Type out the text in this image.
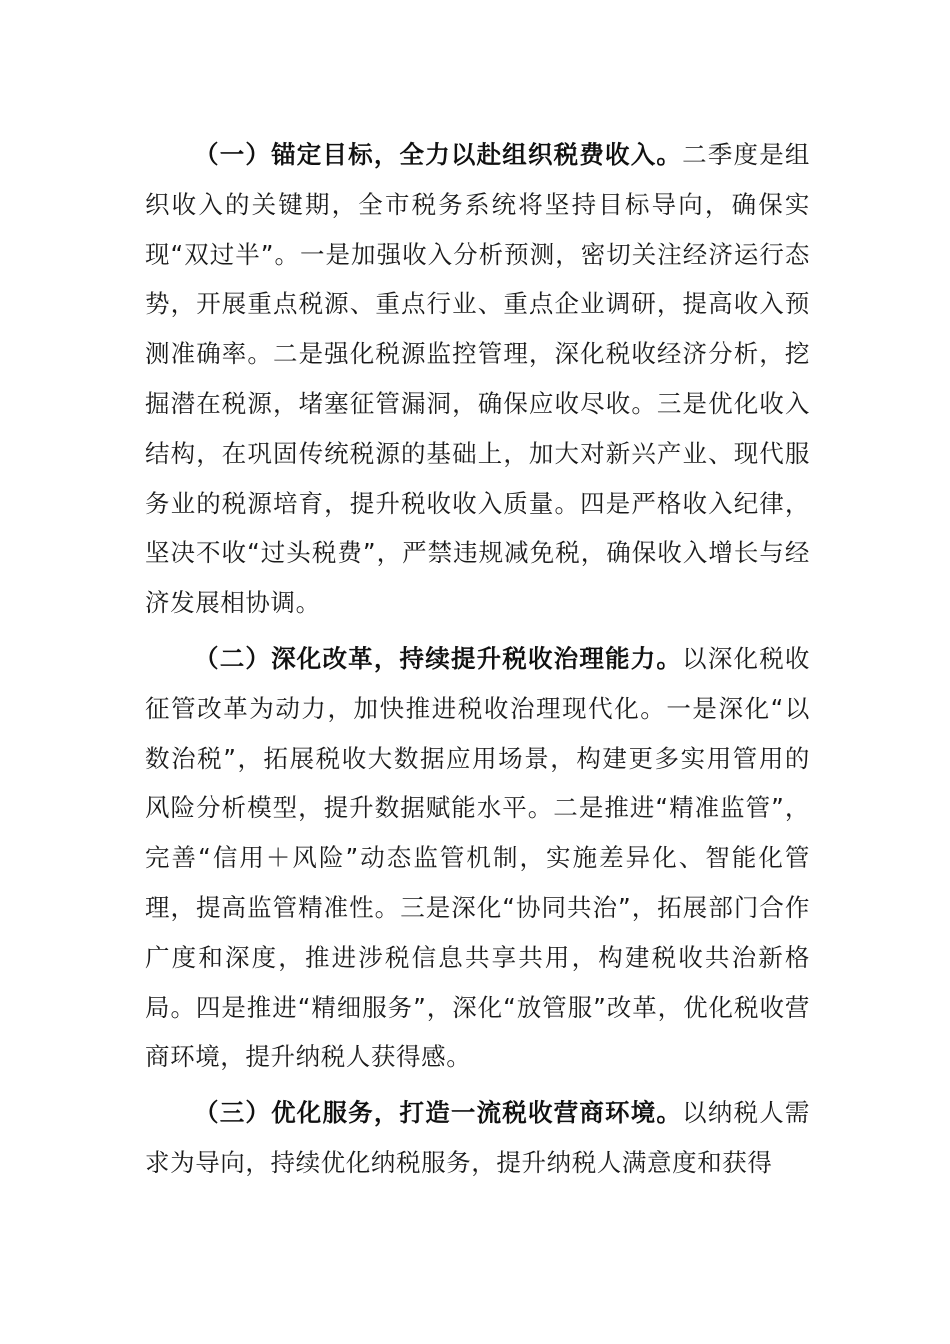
（一）锚定目标，全力以赴组织税费收入。二季度是组织收入的关键期，全市税务系统将坚持目标导向，确保实现“双过半”。一是加强收入分析预测，密切关注经济运行态势，开展重点税源、重点行业、重点企业调研，提高收入预测准确率。二是强化税源监控管理，深化税收经济分析，挖掘潜在税源，堵塞征管漏洞，确保应收尽收。三是优化收入结构，在巩固传统税源的基础上，加大对新兴产业、现代服务业的税源培育，提升税收收入质量。四是严格收入纪律，坚决不收“过头税费”，严禁违规减免税，确保收入增长与经济发展相协调。

（二）深化改革，持续提升税收治理能力。以深化税收征管改革为动力，加快推进税收治理现代化。一是深化“以数治税”，拓展税收大数据应用场景，构建更多实用管用的风险分析模型，提升数据赋能水平。二是推进“精准监管”，完善“信用＋风险”动态监管机制，实施差异化、智能化管理，提高监管精准性。三是深化“协同共治”，拓展部门合作广度和深度，推进涉税信息共享共用，构建税收共治新格局。四是推进“精细服务”，深化“放管服”改革，优化税收营商环境，提升纳税人获得感。

（三）优化服务，打造一流税收营商环境。以纳税人需求为导向，持续优化纳税服务，提升纳税人满意度和获得
